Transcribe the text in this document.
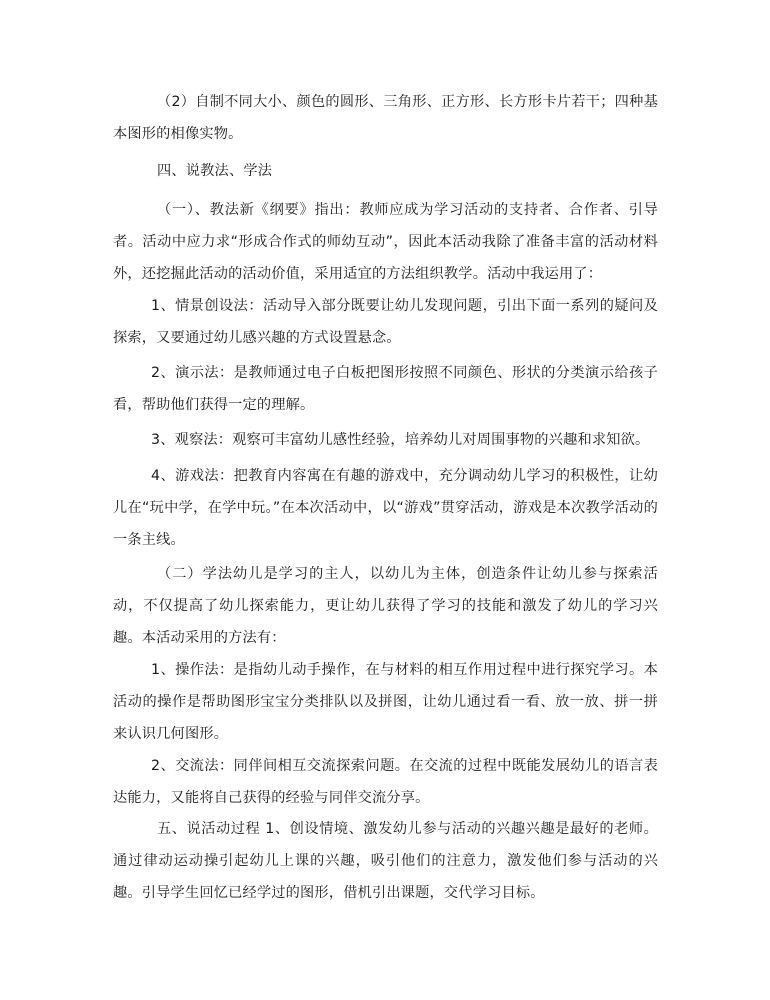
（2）自制不同大小、颜色的圆形、三角形、正方形、长方形卡片若干；四种基本图形的相像实物。

四、说教法、学法

（一）、教法新《纲要》指出：教师应成为学习活动的支持者、合作者、引导者。活动中应力求“形成合作式的师幼互动”，因此本活动我除了准备丰富的活动材料外，还挖掘此活动的活动价值，采用适宜的方法组织教学。活动中我运用了：

1、情景创设法：活动导入部分既要让幼儿发现问题，引出下面一系列的疑问及探索，又要通过幼儿感兴趣的方式设置悬念。

2、演示法：是教师通过电子白板把图形按照不同颜色、形状的分类演示给孩子看，帮助他们获得一定的理解。

3、观察法：观察可丰富幼儿感性经验，培养幼儿对周围事物的兴趣和求知欲。

4、游戏法：把教育内容寓在有趣的游戏中，充分调动幼儿学习的积极性，让幼儿在“玩中学，在学中玩。”在本次活动中，以“游戏”贯穿活动，游戏是本次教学活动的一条主线。

（二）学法幼儿是学习的主人，以幼儿为主体，创造条件让幼儿参与探索活动，不仅提高了幼儿探索能力，更让幼儿获得了学习的技能和激发了幼儿的学习兴趣。本活动采用的方法有：

1、操作法：是指幼儿动手操作，在与材料的相互作用过程中进行探究学习。本活动的操作是帮助图形宝宝分类排队以及拼图，让幼儿通过看一看、放一放、拼一拼来认识几何图形。

2、交流法：同伴间相互交流探索问题。在交流的过程中既能发展幼儿的语言表达能力，又能将自己获得的经验与同伴交流分享。

五、说活动过程 1、创设情境、激发幼儿参与活动的兴趣兴趣是最好的老师。通过律动运动操引起幼儿上课的兴趣，吸引他们的注意力，激发他们参与活动的兴趣。引导学生回忆已经学过的图形，借机引出课题，交代学习目标。
